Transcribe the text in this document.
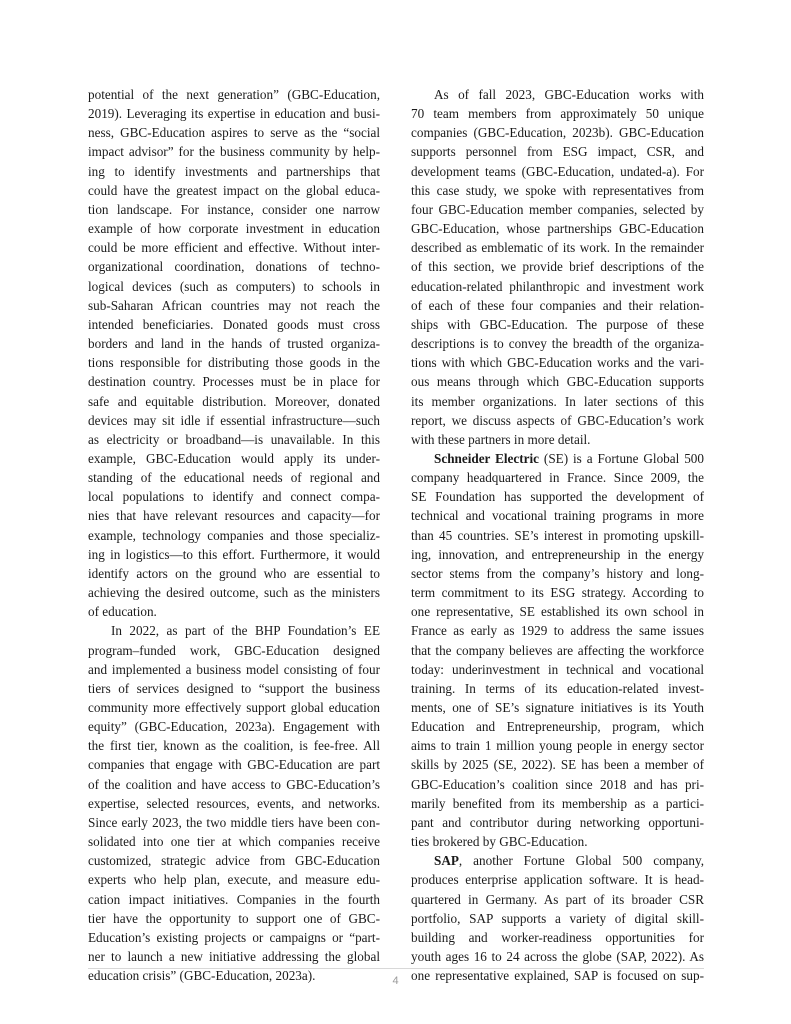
potential of the next generation” (GBC-Education,
2019). Leveraging its expertise in education and busi-
ness, GBC-Education aspires to serve as the “social
impact advisor” for the business community by help-
ing to identify investments and partnerships that
could have the greatest impact on the global educa-
tion landscape. For instance, consider one narrow
example of how corporate investment in education
could be more efficient and effective. Without inter-
organizational coordination, donations of techno-
logical devices (such as computers) to schools in
sub-Saharan African countries may not reach the
intended beneficiaries. Donated goods must cross
borders and land in the hands of trusted organiza-
tions responsible for distributing those goods in the
destination country. Processes must be in place for
safe and equitable distribution. Moreover, donated
devices may sit idle if essential infrastructure—such
as electricity or broadband—is unavailable. In this
example, GBC-Education would apply its under-
standing of the educational needs of regional and
local populations to identify and connect compa-
nies that have relevant resources and capacity—for
example, technology companies and those specializ-
ing in logistics—to this effort. Furthermore, it would
identify actors on the ground who are essential to
achieving the desired outcome, such as the ministers
of education.
In 2022, as part of the BHP Foundation’s EE
program–funded work, GBC-Education designed
and implemented a business model consisting of four
tiers of services designed to “support the business
community more effectively support global education
equity” (GBC-Education, 2023a). Engagement with
the first tier, known as the coalition, is fee-free. All
companies that engage with GBC-Education are part
of the coalition and have access to GBC-Education’s
expertise, selected resources, events, and networks.
Since early 2023, the two middle tiers have been con-
solidated into one tier at which companies receive
customized, strategic advice from GBC-Education
experts who help plan, execute, and measure edu-
cation impact initiatives. Companies in the fourth
tier have the opportunity to support one of GBC-
Education’s existing projects or campaigns or “part-
ner to launch a new initiative addressing the global
education crisis” (GBC-Education, 2023a).
As of fall 2023, GBC-Education works with
70 team members from approximately 50 unique
companies (GBC-Education, 2023b). GBC-Education
supports personnel from ESG impact, CSR, and
development teams (GBC-Education, undated-a). For
this case study, we spoke with representatives from
four GBC-Education member companies, selected by
GBC-Education, whose partnerships GBC-Education
described as emblematic of its work. In the remainder
of this section, we provide brief descriptions of the
education-related philanthropic and investment work
of each of these four companies and their relation-
ships with GBC-Education. The purpose of these
descriptions is to convey the breadth of the organiza-
tions with which GBC-Education works and the vari-
ous means through which GBC-Education supports
its member organizations. In later sections of this
report, we discuss aspects of GBC-Education’s work
with these partners in more detail.
Schneider Electric (SE) is a Fortune Global 500
company headquartered in France. Since 2009, the
SE Foundation has supported the development of
technical and vocational training programs in more
than 45 countries. SE’s interest in promoting upskill-
ing, innovation, and entrepreneurship in the energy
sector stems from the company’s history and long-
term commitment to its ESG strategy. According to
one representative, SE established its own school in
France as early as 1929 to address the same issues
that the company believes are affecting the workforce
today: underinvestment in technical and vocational
training. In terms of its education-related invest-
ments, one of SE’s signature initiatives is its Youth
Education and Entrepreneurship, program, which
aims to train 1 million young people in energy sector
skills by 2025 (SE, 2022). SE has been a member of
GBC-Education’s coalition since 2018 and has pri-
marily benefited from its membership as a partici-
pant and contributor during networking opportuni-
ties brokered by GBC-Education.
SAP, another Fortune Global 500 company,
produces enterprise application software. It is head-
quartered in Germany. As part of its broader CSR
portfolio, SAP supports a variety of digital skill-
building and worker-readiness opportunities for
youth ages 16 to 24 across the globe (SAP, 2022). As
one representative explained, SAP is focused on sup-
4
